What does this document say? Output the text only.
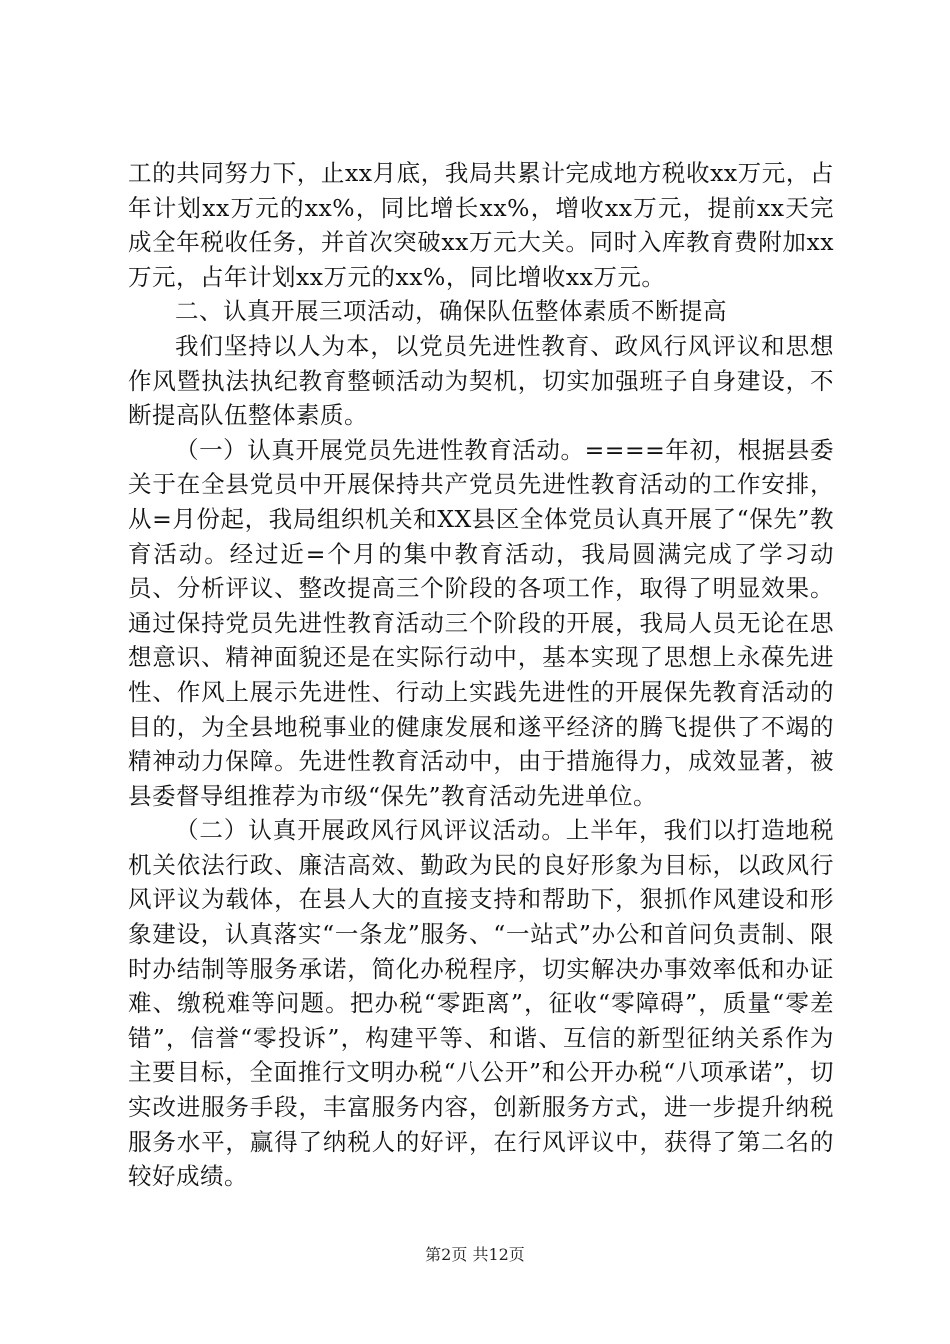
工的共同努力下，止xx月底，我局共累计完成地方税收xx万元，占年计划xx万元的xx%，同比增长xx%，增收xx万元，提前xx天完成全年税收任务，并首次突破xx万元大关。同时入库教育费附加xx万元，占年计划xx万元的xx%，同比增收xx万元。

二、认真开展三项活动，确保队伍整体素质不断提高

我们坚持以人为本，以党员先进性教育、政风行风评议和思想作风暨执法执纪教育整顿活动为契机，切实加强班子自身建设，不断提高队伍整体素质。

（一）认真开展党员先进性教育活动。====年初，根据县委关于在全县党员中开展保持共产党员先进性教育活动的工作安排，从=月份起，我局组织机关和XX县区全体党员认真开展了“保先”教育活动。经过近=个月的集中教育活动，我局圆满完成了学习动员、分析评议、整改提高三个阶段的各项工作，取得了明显效果。通过保持党员先进性教育活动三个阶段的开展，我局人员无论在思想意识、精神面貌还是在实际行动中，基本实现了思想上永葆先进性、作风上展示先进性、行动上实践先进性的开展保先教育活动的目的，为全县地税事业的健康发展和遂平经济的腾飞提供了不竭的精神动力保障。先进性教育活动中，由于措施得力，成效显著，被县委督导组推荐为市级“保先”教育活动先进单位。

（二）认真开展政风行风评议活动。上半年，我们以打造地税机关依法行政、廉洁高效、勤政为民的良好形象为目标，以政风行风评议为载体，在县人大的直接支持和帮助下，狠抓作风建设和形象建设，认真落实“一条龙”服务、“一站式”办公和首问负责制、限时办结制等服务承诺，简化办税程序，切实解决办事效率低和办证难、缴税难等问题。把办税“零距离”，征收“零障碍”，质量“零差错”，信誉“零投诉”，构建平等、和谐、互信的新型征纳关系作为主要目标，全面推行文明办税“八公开”和公开办税“八项承诺”，切实改进服务手段，丰富服务内容，创新服务方式，进一步提升纳税服务水平，赢得了纳税人的好评，在行风评议中，获得了第二名的较好成绩。

第2页 共12页
